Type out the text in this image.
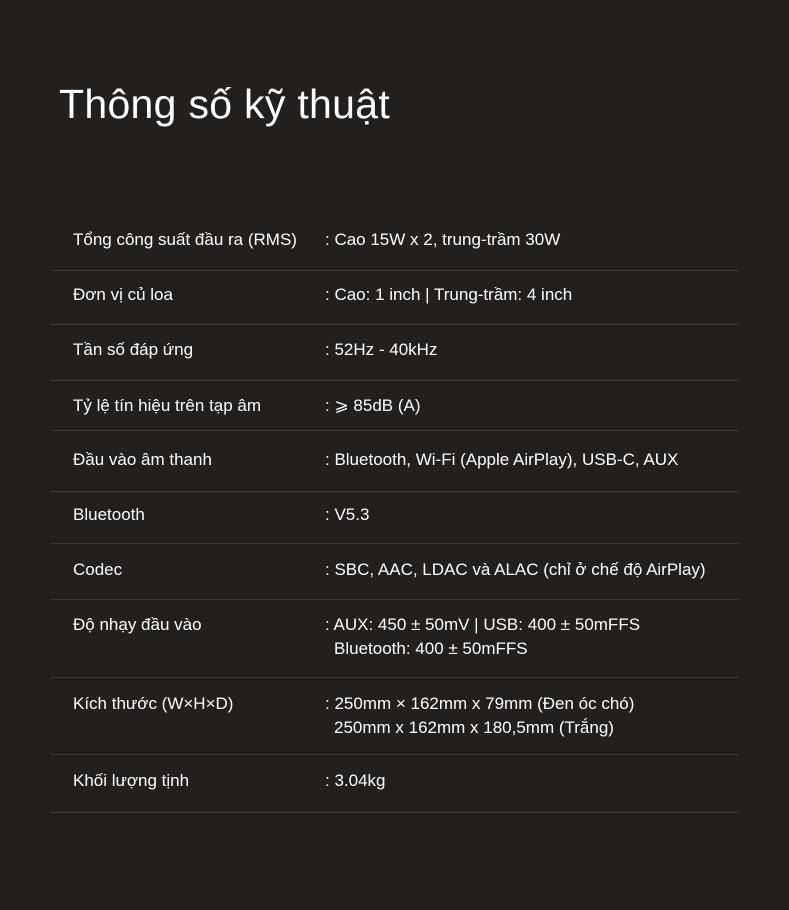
Thông số kỹ thuật
Tổng công suất đầu ra (RMS) : Cao 15W x 2, trung-trầm 30W
Đơn vị củ loa	: Cao: 1 inch | Trung-trầm: 4 inch
Tần số đáp ứng	: 52Hz - 40kHz
Tỷ lệ tín hiệu trên tạp âm	: ⩾ 85dB (A)
Đầu vào âm thanh	: Bluetooth, Wi-Fi (Apple AirPlay), USB-C, AUX
Bluetooth	: V5.3
Codec	: SBC, AAC, LDAC và ALAC (chỉ ở chế độ AirPlay)
Độ nhạy đầu vào	: AUX: 450 ± 50mV | USB: 400 ± 50mFFS
Bluetooth: 400 ± 50mFFS
Kích thước (W×H×D)	: 250mm × 162mm x 79mm (Đen óc chó)
250mm x 162mm x 180,5mm (Trắng)
Khối lượng tịnh	: 3.04kg
